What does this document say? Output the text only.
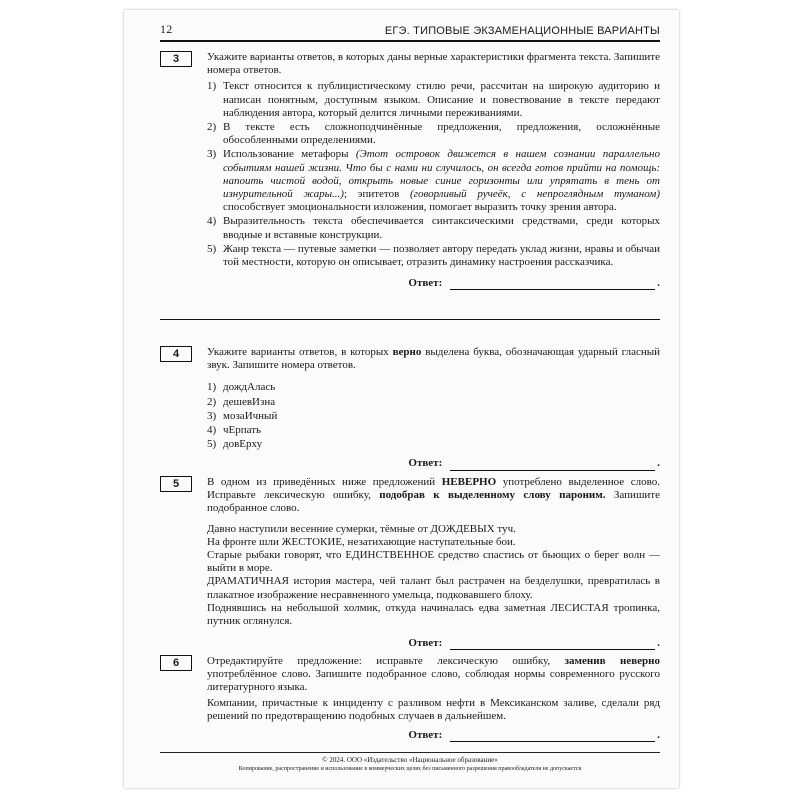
12	ЕГЭ. ТИПОВЫЕ ЭКЗАМЕНАЦИОННЫЕ ВАРИАНТЫ
3	Укажите варианты ответов, в которых даны верные характеристики фрагмента текста. Запишите номера ответов.

1) Текст относится к публицистическому стилю речи, рассчитан на широкую аудиторию и написан понятным, доступным языком. Описание и повествование в тексте передают наблюдения автора, который делится личными переживаниями.
2) В тексте есть сложноподчинённые предложения, предложения, осложнённые обособленными определениями.
3) Использование метафоры (Этот островок движется в нашем сознании параллельно событиям нашей жизни. Что бы с нами ни случилось, он всегда готов прийти на помощь: напоить чистой водой, открыть новые синие горизонты или упрятать в тень от изнурительной жары...); эпитетов (говорливый ручеёк, с непроглядным туманом) способствует эмоциональности изложения, помогает выразить точку зрения автора.
4) Выразительность текста обеспечивается синтаксическими средствами, среди которых вводные и вставные конструкции.
5) Жанр текста — путевые заметки — позволяет автору передать уклад жизни, нравы и обычаи той местности, которую он описывает, отразить динамику настроения рассказчика.
Ответ:	.
4	Укажите варианты ответов, в которых верно выделена буква, обозначающая ударный гласный звук. Запишите номера ответов.

1) дождАлась
2) дешевИзна
3) мозаИчный
4) чЕрпать
5) довЕрху
Ответ:	.
5	В одном из приведённых ниже предложений НЕВЕРНО употреблено выделенное слово. Исправьте лексическую ошибку, подобрав к выделенному слову пароним. Запишите подобранное слово.

Давно наступили весенние сумерки, тёмные от ДОЖДЕВЫХ туч.

На фронте шли ЖЕСТОКИЕ, незатихающие наступательные бои.

Старые рыбаки говорят, что ЕДИНСТВЕННОЕ средство спастись от бьющих о берег волн — выйти в море.

ДРАМАТИЧНАЯ история мастера, чей талант был растрачен на безделушки, превратилась в плакатное изображение несравненного умельца, подковавшего блоху.

Поднявшись на небольшой холмик, откуда начиналась едва заметная ЛЕСИСТАЯ тропинка, путник оглянулся.

Ответ:	.
6	Отредактируйте предложение: исправьте лексическую ошибку, заменив неверно употреблённое слово. Запишите подобранное слово, соблюдая нормы современного русского литературного языка.

Компании, причастные к инциденту с разливом нефти в Мексиканском заливе, сделали ряд решений по предотвращению подобных случаев в дальнейшем.

Ответ:	.
© 2024. ООО «Издательство «Национальное образование»
Копирование, распространение и использование в коммерческих целях без письменного разрешения правообладателя не допускается
